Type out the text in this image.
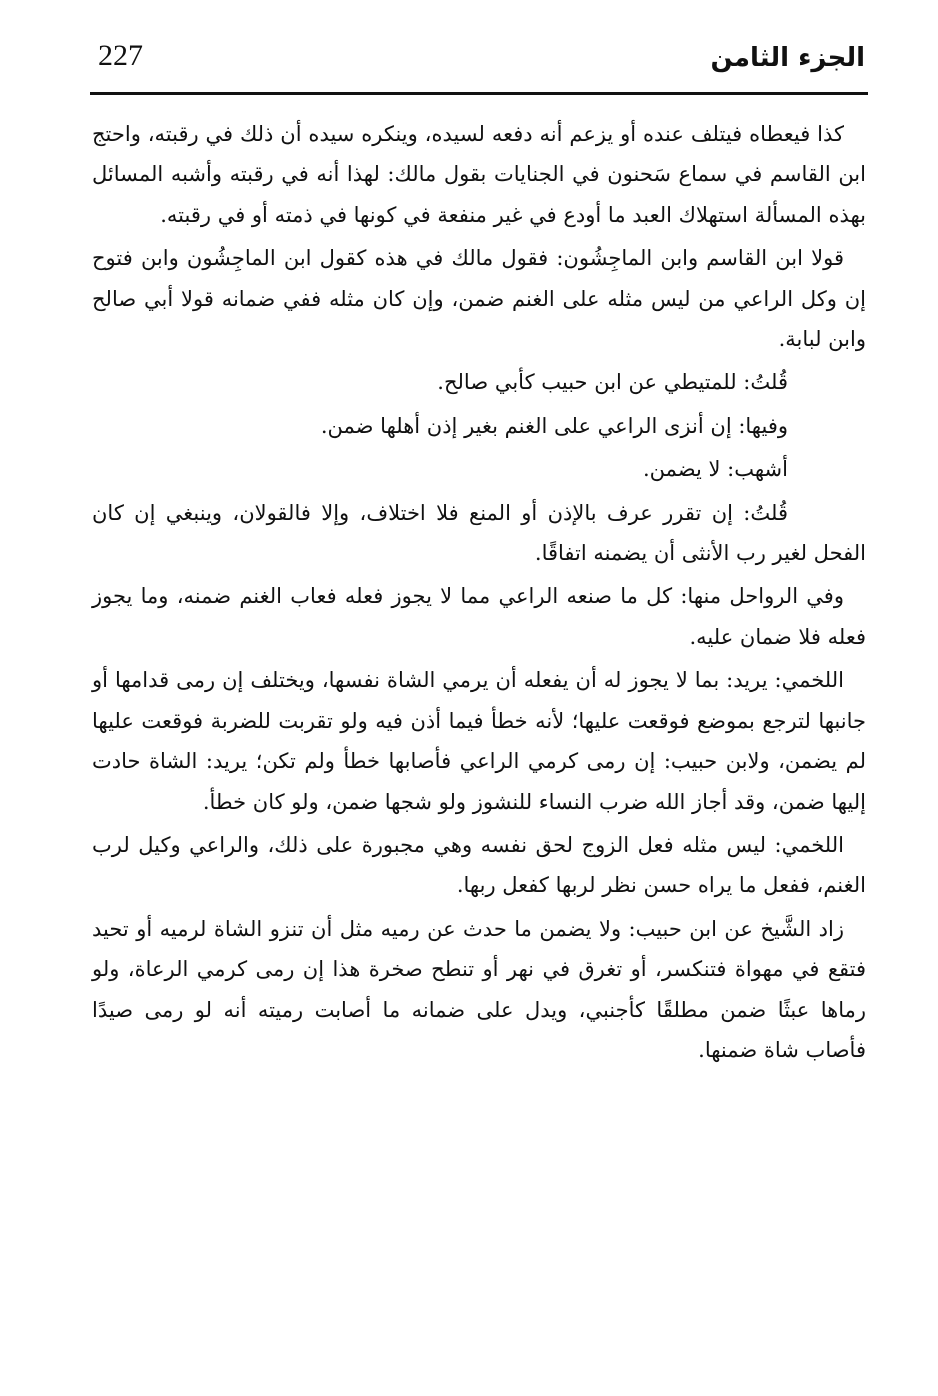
227	الجزء الثامن

كذا فيعطاه فيتلف عنده أو يزعم أنه دفعه لسيده، وينكره سيده أن ذلك في رقبته، واحتج ابن القاسم في سماع سَحنون في الجنايات بقول مالك: لهذا أنه في رقبته وأشبه المسائل بهذه المسألة استهلاك العبد ما أودع في غير منفعة في كونها في ذمته أو في رقبته.

قولا ابن القاسم وابن الماجِشُون: فقول مالك في هذه كقول ابن الماجِشُون وابن فتوح إن وكل الراعي من ليس مثله على الغنم ضمن، وإن كان مثله ففي ضمانه قولا أبي صالح وابن لبابة.

قُلتُ: للمتيطي عن ابن حبيب كأبي صالح.

وفيها: إن أنزى الراعي على الغنم بغير إذن أهلها ضمن.

أشهب: لا يضمن.

قُلتُ: إن تقرر عرف بالإذن أو المنع فلا اختلاف، وإلا فالقولان، وينبغي إن كان الفحل لغير رب الأنثى أن يضمنه اتفاقًا.

وفي الرواحل منها: كل ما صنعه الراعي مما لا يجوز فعله فعاب الغنم ضمنه، وما يجوز فعله فلا ضمان عليه.

اللخمي: يريد: بما لا يجوز له أن يفعله أن يرمي الشاة نفسها، ويختلف إن رمى قدامها أو جانبها لترجع بموضع فوقعت عليها؛ لأنه خطأ فيما أذن فيه ولو تقربت للضربة فوقعت عليها لم يضمن، ولابن حبيب: إن رمى كرمي الراعي فأصابها خطأ ولم تكن؛ يريد: الشاة حادت إليها ضمن، وقد أجاز الله ضرب النساء للنشوز ولو شجها ضمن، ولو كان خطأ.

اللخمي: ليس مثله فعل الزوج لحق نفسه وهي مجبورة على ذلك، والراعي وكيل لرب الغنم، ففعل ما يراه حسن نظر لربها كفعل ربها.

زاد الشَّيخ عن ابن حبيب: ولا يضمن ما حدث عن رميه مثل أن تنزو الشاة لرميه أو تحيد فتقع في مهواة فتنكسر، أو تغرق في نهر أو تنطح صخرة هذا إن رمى كرمي الرعاة، ولو رماها عبثًا ضمن مطلقًا كأجنبي، ويدل على ضمانه ما أصابت رميته أنه لو رمى صيدًا فأصاب شاة ضمنها.
